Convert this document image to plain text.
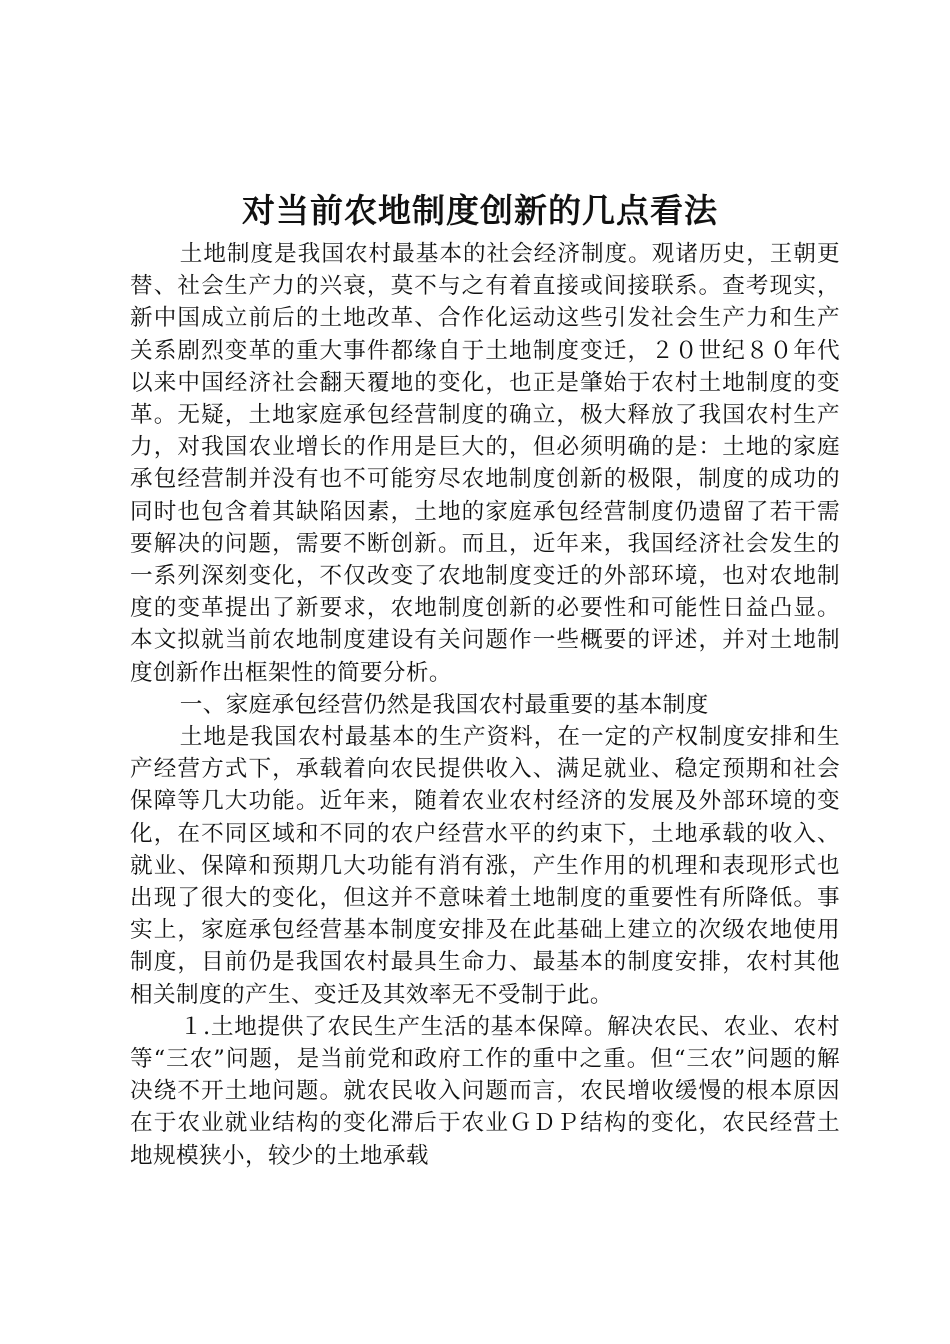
对当前农地制度创新的几点看法

土地制度是我国农村最基本的社会经济制度。观诸历史，王朝更替、社会生产力的兴衰，莫不与之有着直接或间接联系。查考现实，新中国成立前后的土地改革、合作化运动这些引发社会生产力和生产关系剧烈变革的重大事件都缘自于土地制度变迁，２０世纪８０年代以来中国经济社会翻天覆地的变化，也正是肇始于农村土地制度的变革。无疑，土地家庭承包经营制度的确立，极大释放了我国农村生产力，对我国农业增长的作用是巨大的，但必须明确的是：土地的家庭承包经营制并没有也不可能穷尽农地制度创新的极限，制度的成功的同时也包含着其缺陷因素，土地的家庭承包经营制度仍遗留了若干需要解决的问题，需要不断创新。而且，近年来，我国经济社会发生的一系列深刻变化，不仅改变了农地制度变迁的外部环境，也对农地制度的变革提出了新要求，农地制度创新的必要性和可能性日益凸显。本文拟就当前农地制度建设有关问题作一些概要的评述，并对土地制度创新作出框架性的简要分析。

一、家庭承包经营仍然是我国农村最重要的基本制度

土地是我国农村最基本的生产资料，在一定的产权制度安排和生产经营方式下，承载着向农民提供收入、满足就业、稳定预期和社会保障等几大功能。近年来，随着农业农村经济的发展及外部环境的变化，在不同区域和不同的农户经营水平的约束下，土地承载的收入、就业、保障和预期几大功能有消有涨，产生作用的机理和表现形式也出现了很大的变化，但这并不意味着土地制度的重要性有所降低。事实上，家庭承包经营基本制度安排及在此基础上建立的次级农地使用制度，目前仍是我国农村最具生命力、最基本的制度安排，农村其他相关制度的产生、变迁及其效率无不受制于此。

１.土地提供了农民生产生活的基本保障。解决农民、农业、农村等“三农”问题，是当前党和政府工作的重中之重。但“三农”问题的解决绕不开土地问题。就农民收入问题而言，农民增收缓慢的根本原因在于农业就业结构的变化滞后于农业ＧＤＰ结构的变化，农民经营土地规模狭小，较少的土地承载
